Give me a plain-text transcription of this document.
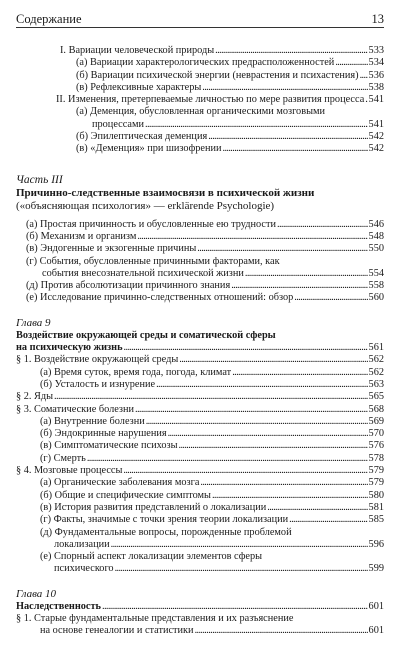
Содержание	13
I. Вариации человеческой природы . . .	533
(а) Вариации характерологических предрасположенностей . . .	534
(б) Вариации психической энергии (неврастения и психастения) . . . 536
(в) Рефлексивные характеры . . .	538
II. Изменения, претерпеваемые личностью по мере развития процесса . . . 541
(а) Деменция, обусловленная органическими мозговыми
процессами . . .	541
(б) Эпилептическая деменция . . .	542
(в) «Деменция» при шизофрении . . .	542
Часть III
Причинно-следственные взаимосвязи в психической жизни
(«объясняющая психология» — erklärende Psychologie)
(а) Простая причинность и обусловленные ею трудности . . .	546
(б) Механизм и организм . . .	548
(в) Эндогенные и экзогенные причины . . .	550
(г) События, обусловленные причинными факторами, как
события внесознательной психической жизни . . .	554
(д) Против абсолютизации причинного знания . . .	558
(е) Исследование причинно-следственных отношений: обзор . . .	560
Глава 9
Воздействие окружающей среды и соматической сферы
на психическую жизнь . . .	561
§ 1. Воздействие окружающей среды . . .	562
(а) Время суток, время года, погода, климат . . .	562
(б) Усталость и изнурение . . .	563
§ 2. Яды . . .	565
§ 3. Соматические болезни . . .	568
(а) Внутренние болезни . . .	569
(б) Эндокринные нарушения . . .	570
(в) Симптоматические психозы . . .	576
(г) Смерть . . .	578
§ 4. Мозговые процессы . . .	579
(а) Органические заболевания мозга . . .	579
(б) Общие и специфические симптомы . . .	580
(в) История развития представлений о локализации . . .	581
(г) Факты, значимые с точки зрения теории локализации . . .	585
(д) Фундаментальные вопросы, порожденные проблемой
локализации . . .	596
(е) Спорный аспект локализации элементов сферы
психического . . .	599
Глава 10
Наследственность . . .	601
§ 1. Старые фундаментальные представления и их разъяснение
на основе генеалогии и статистики . . .	601
